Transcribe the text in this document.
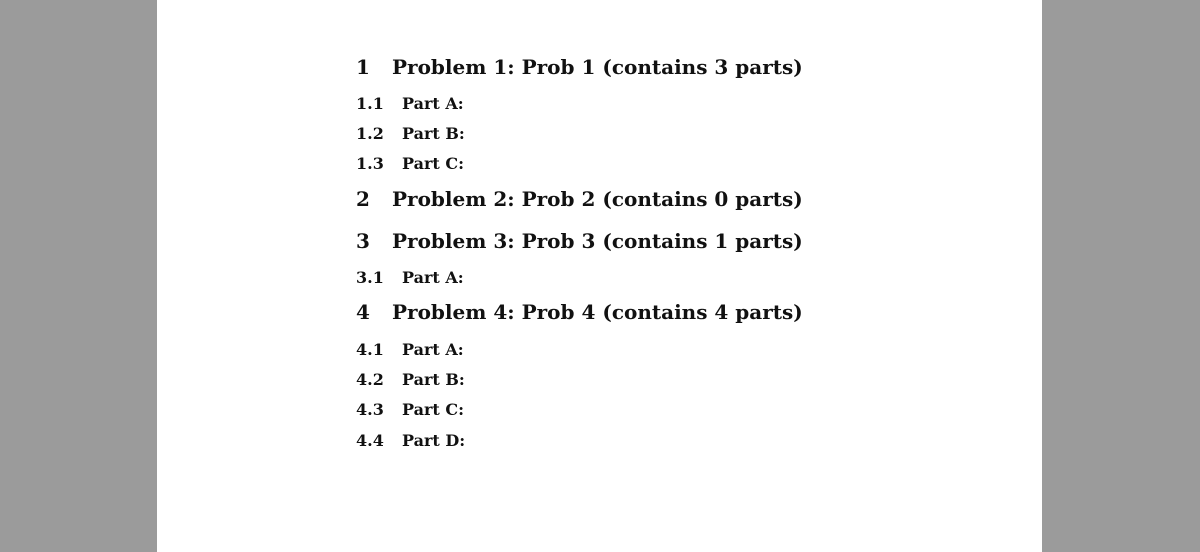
1 Problem 1: Prob 1 (contains 3 parts)
1.1 Part A:
1.2 Part B:
1.3 Part C:
2 Problem 2: Prob 2 (contains 0 parts)
3 Problem 3: Prob 3 (contains 1 parts)
3.1 Part A:
4 Problem 4: Prob 4 (contains 4 parts)
4.1 Part A:
4.2 Part B:
4.3 Part C:
4.4 Part D:
